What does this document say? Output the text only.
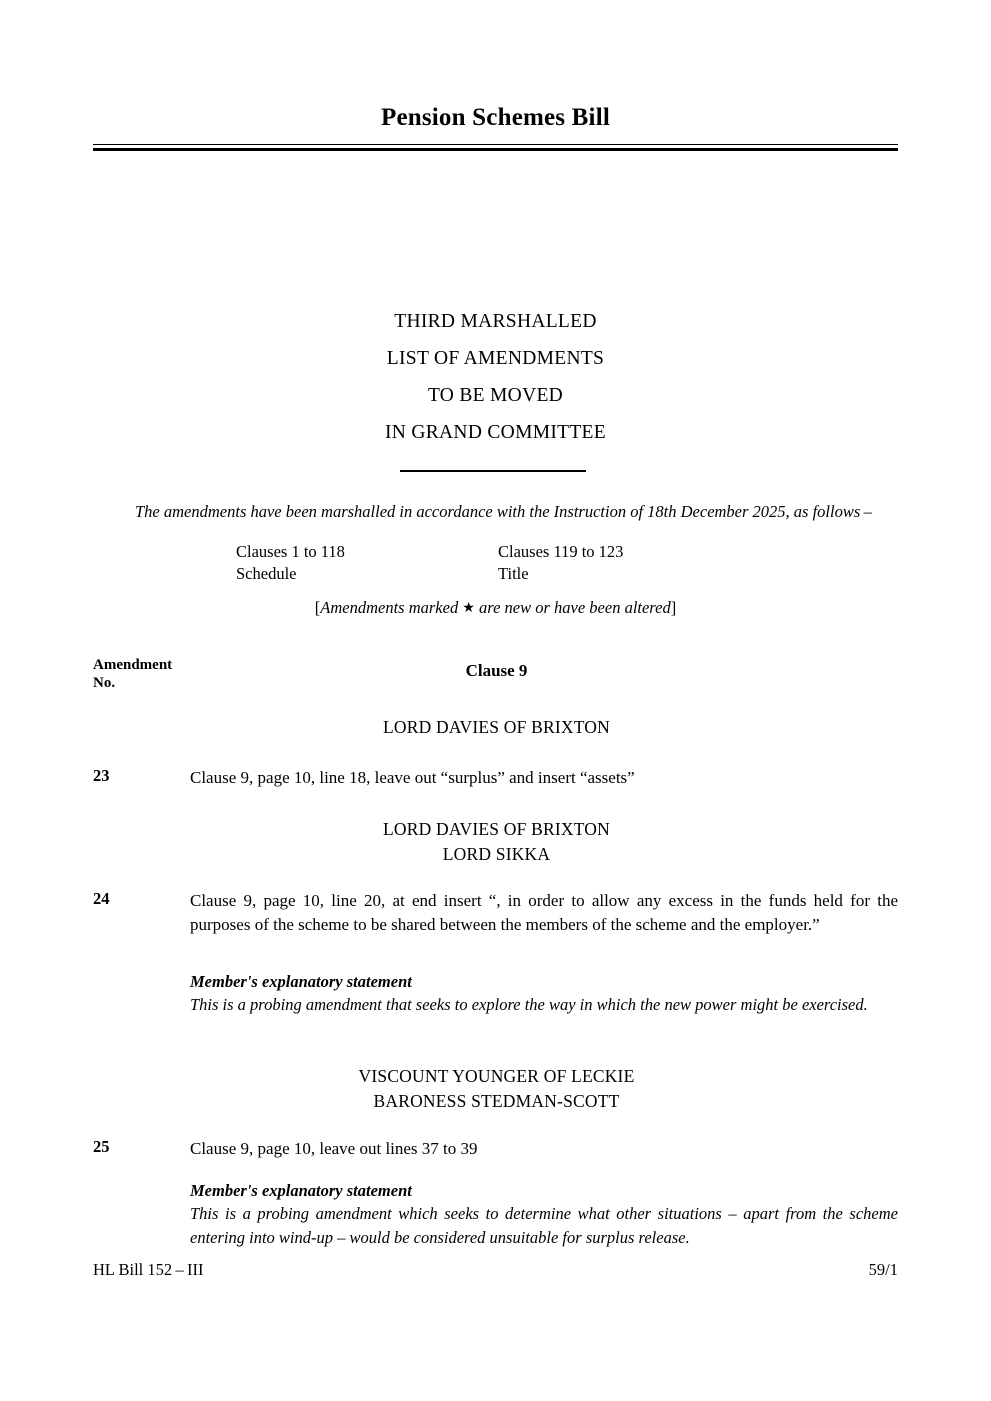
Pension Schemes Bill
THIRD MARSHALLED
LIST OF AMENDMENTS
TO BE MOVED
IN GRAND COMMITTEE
The amendments have been marshalled in accordance with the Instruction of 18th December 2025, as follows –
Clauses 1 to 118	Clauses 119 to 123
Schedule	Title
[Amendments marked ★ are new or have been altered]
Amendment
No.
Clause 9
LORD DAVIES OF BRIXTON
23	Clause 9, page 10, line 18, leave out “surplus” and insert “assets”
LORD DAVIES OF BRIXTON
LORD SIKKA
24	Clause 9, page 10, line 20, at end insert “, in order to allow any excess in the funds held for the purposes of the scheme to be shared between the members of the scheme and the employer.”
Member's explanatory statement
This is a probing amendment that seeks to explore the way in which the new power might be exercised.
VISCOUNT YOUNGER OF LECKIE
BARONESS STEDMAN-SCOTT
25	Clause 9, page 10, leave out lines 37 to 39
Member's explanatory statement
This is a probing amendment which seeks to determine what other situations – apart from the scheme entering into wind-up – would be considered unsuitable for surplus release.
HL Bill 152 – III	59/1
